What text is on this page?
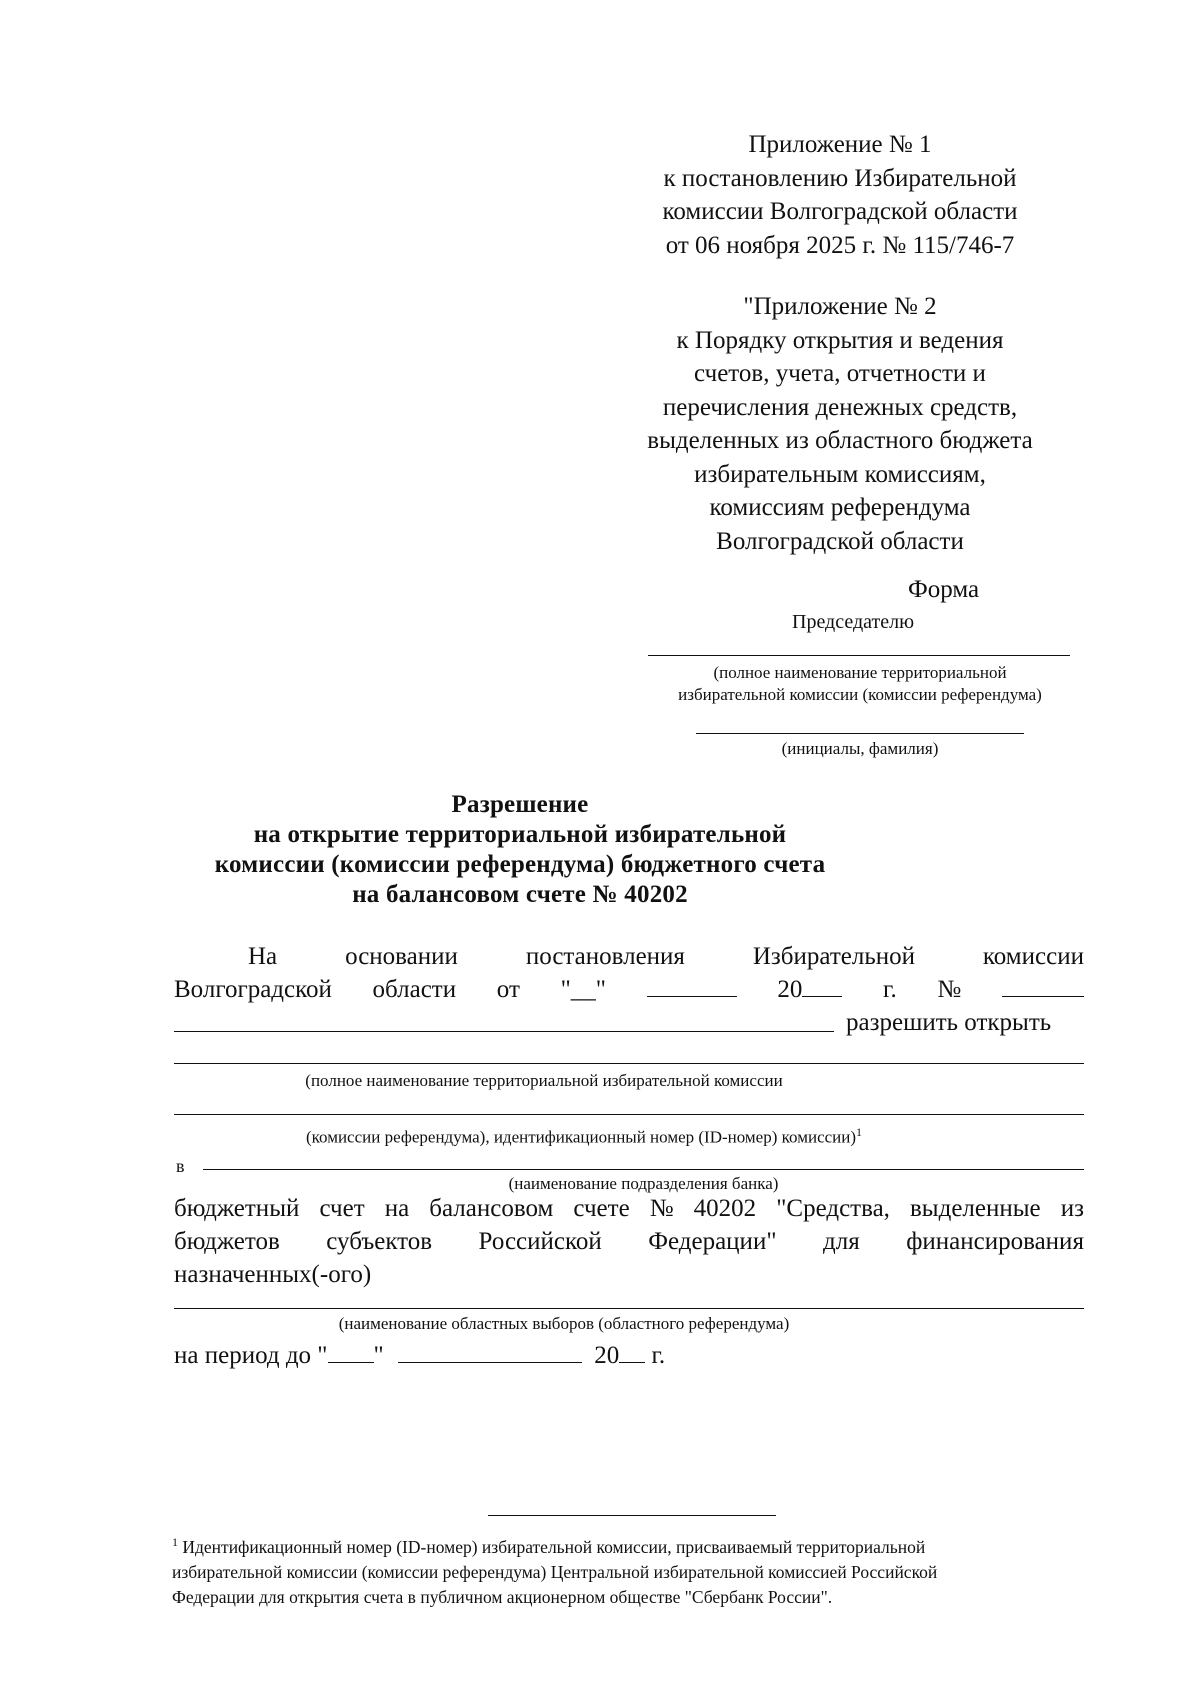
Приложение № 1
к постановлению Избирательной
комиссии Волгоградской области
от 06 ноября 2025 г. № 115/746-7
"Приложение № 2
к Порядку открытия и ведения
счетов, учета, отчетности и
перечисления денежных средств,
выделенных из областного бюджета
избирательным комиссиям,
комиссиям референдума
Волгоградской области
Форма
Председателю
(полное наименование территориальной
избирательной комиссии (комиссии референдума)
(инициалы, фамилия)
Разрешение
на открытие территориальной избирательной
комиссии (комиссии референдума) бюджетного счета
на балансовом счете № 40202
На	основании	постановления	Избирательной	комиссии
Волгоградской области от "__"	20	г. №
разрешить открыть
(полное наименование территориальной избирательной комиссии
(комиссии референдума), идентификационный номер (ID-номер) комиссии)$^1$
в
(наименование подразделения банка)
бюджетный счет на балансовом счете № 40202 "Средства, выделенные из
бюджетов субъектов Российской Федерации" для финансирования
назначенных(-ого)
(наименование областных выборов (областного референдума)
на период до " "	20 г.
$^1$ Идентификационный номер (ID-номер) избирательной комиссии, присваиваемый территориальной
избирательной комиссии (комиссии референдума) Центральной избирательной комиссией Российской
Федерации для открытия счета в публичном акционерном обществе "Сбербанк России".
